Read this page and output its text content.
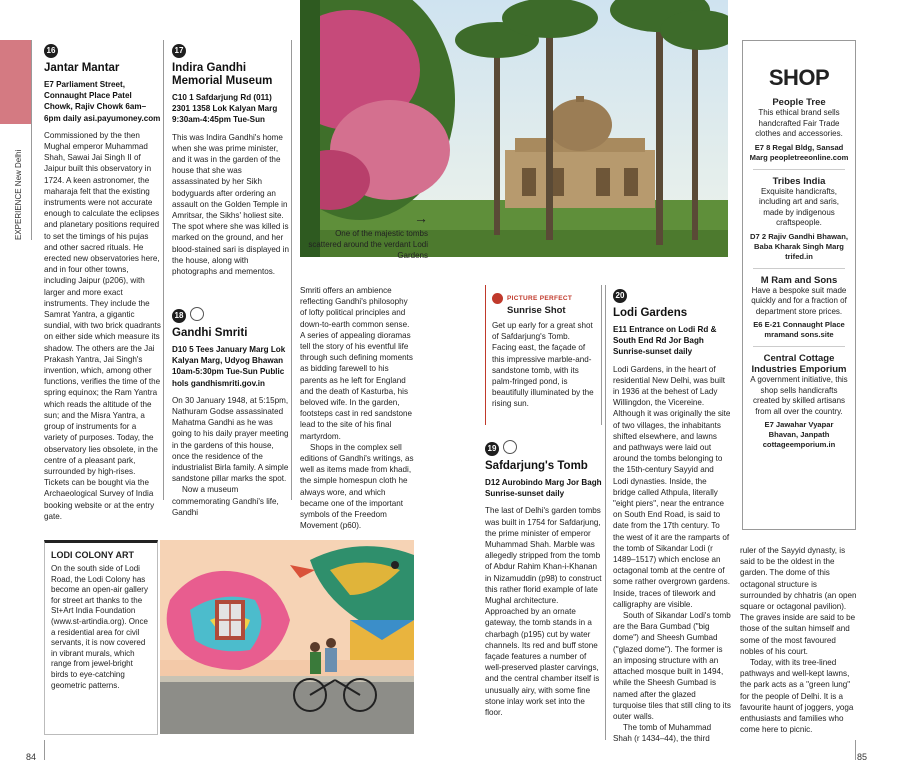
EXPERIENCE New Delhi
16
Jantar Mantar
E7 Parliament Street, Connaught Place Patel Chowk, Rajiv Chowk 6am–6pm daily asi.payumoney.com
Commissioned by the then Mughal emperor Muhammad Shah, Sawai Jai Singh II of Jaipur built this observatory in 1724. A keen astronomer, the maharaja felt that the existing instruments were not accurate enough to calculate the eclipses and planetary positions required to set the timings of his pujas and other sacred rituals. He erected new observatories here, and in four other towns, including Jaipur (p206), with larger and more exact instruments. They include the Samrat Yantra, a gigantic sundial, with two brick quadrants on either side which measure its shadow. The others are the Jai Prakash Yantra, Jai Singh's invention, which, among other functions, verifies the time of the spring equinox; the Ram Yantra which reads the altitude of the sun; and the Misra Yantra, a group of instruments for a variety of purposes. Today, the observatory lies obsolete, in the centre of a pleasant park, surrounded by high-rises. Tickets can be bought via the Archaeological Survey of India booking website or at the entry gate.
17
Indira Gandhi Memorial Museum
C10 1 Safdarjung Rd (011) 2301 1358 Lok Kalyan Marg 9:30am-4:45pm Tue-Sun
This was Indira Gandhi's home when she was prime minister, and it was in the garden of the house that she was assassinated by her Sikh bodyguards after ordering an assault on the Golden Temple in Amritsar, the Sikhs' holiest site. The spot where she was killed is marked on the ground, and her blood-stained sari is displayed in the house, along with photographs and mementos.
18
Gandhi Smriti
D10 5 Tees January Marg Lok Kalyan Marg, Udyog Bhawan 10am-5:30pm Tue-Sun Public hols gandhismriti.gov.in
On 30 January 1948, at 5:15pm, Nathuram Godse assassinated Mahatma Gandhi as he was going to his daily prayer meeting in the gardens of this house, once the residence of the industrialist Birla family. A simple sandstone pillar marks the spot.
Now a museum commemorating Gandhi's life, Gandhi
→
One of the majestic tombs scattered around the verdant Lodi Gardens
Smriti offers an ambience reflecting Gandhi's philosophy of lofty political principles and down-to-earth common sense. A series of appealing dioramas tell the story of his eventful life through such defining moments as bidding farewell to his parents as he left for England and the death of Kasturba, his beloved wife. In the garden, footsteps cast in red sandstone lead to the site of his final martyrdom.
Shops in the complex sell editions of Gandhi's writings, as well as items made from khadi, the simple homespun cloth he always wore, and which became one of the important symbols of the Freedom Movement (p60).
PICTURE PERFECT
Sunrise Shot
Get up early for a great shot of Safdarjung's Tomb. Facing east, the façade of this impressive marble-and-sandstone tomb, with its palm-fringed pond, is beautifully illuminated by the rising sun.
19
Safdarjung's Tomb
D12 Aurobindo Marg Jor Bagh Sunrise-sunset daily
The last of Delhi's garden tombs was built in 1754 for Safdarjung, the prime minister of emperor Muhammad Shah. Marble was allegedly stripped from the tomb of Abdur Rahim Khan-i-Khanan in Nizamuddin (p98) to construct this rather florid example of late Mughal architecture. Approached by an ornate gateway, the tomb stands in a charbagh (p195) cut by water channels. Its red and buff stone façade features a number of well-preserved plaster carvings, and the central chamber itself is unusually airy, with some fine stone inlay work set into the floor.
20
Lodi Gardens
E11 Entrance on Lodi Rd & South End Rd Jor Bagh Sunrise-sunset daily
Lodi Gardens, in the heart of residential New Delhi, was built in 1936 at the behest of Lady Willingdon, the Vicereine. Although it was originally the site of two villages, the inhabitants shifted elsewhere, and lawns and pathways were laid out around the tombs belonging to the 15th-century Sayyid and Lodi dynasties. Inside, the bridge called Athpula, literally "eight piers", near the entrance on South End Road, is said to date from the 17th century. To the west of it are the ramparts of the tomb of Sikandar Lodi (r 1489–1517) which enclose an octagonal tomb at the centre of some rather overgrown gardens. Inside, traces of tilework and calligraphy are visible.
South of Sikandar Lodi's tomb are the Bara Gumbad ("big dome") and Sheesh Gumbad ("glazed dome"). The former is an imposing structure with an attached mosque built in 1494, while the Sheesh Gumbad is named after the glazed turquoise tiles that still cling to its outer walls.
The tomb of Muhammad Shah (r 1434–44), the third
ruler of the Sayyid dynasty, is said to be the oldest in the garden. The dome of this octagonal structure is surrounded by chhatris (an open square or octagonal pavilion). The graves inside are said to be those of the sultan himself and some of the most favoured nobles of his court.
Today, with its tree-lined pathways and well-kept lawns, the park acts as a "green lung" for the people of Delhi. It is a favourite haunt of joggers, yoga enthusiasts and families who come here to picnic.
SHOP
People Tree
This ethical brand sells handcrafted Fair Trade clothes and accessories.
E7 8 Regal Bldg, Sansad Marg peopletreeonline.com
Tribes India
Exquisite handicrafts, including art and saris, made by indigenous craftspeople.
D7 2 Rajiv Gandhi Bhawan, Baba Kharak Singh Marg trifed.in
M Ram and Sons
Have a bespoke suit made quickly and for a fraction of department store prices.
E6 E-21 Connaught Place mramand sons.site
Central Cottage Industries Emporium
A government initiative, this shop sells handicrafts created by skilled artisans from all over the country.
E7 Jawahar Vyapar Bhavan, Janpath cottageemporium.in
LODI COLONY ART
On the south side of Lodi Road, the Lodi Colony has become an open-air gallery for street art thanks to the St+Art India Foundation (www.st-artindia.org). Once a residential area for civil servants, it is now covered in vibrant murals, which range from jewel-bright birds to eye-catching geometric patterns.
84	85
